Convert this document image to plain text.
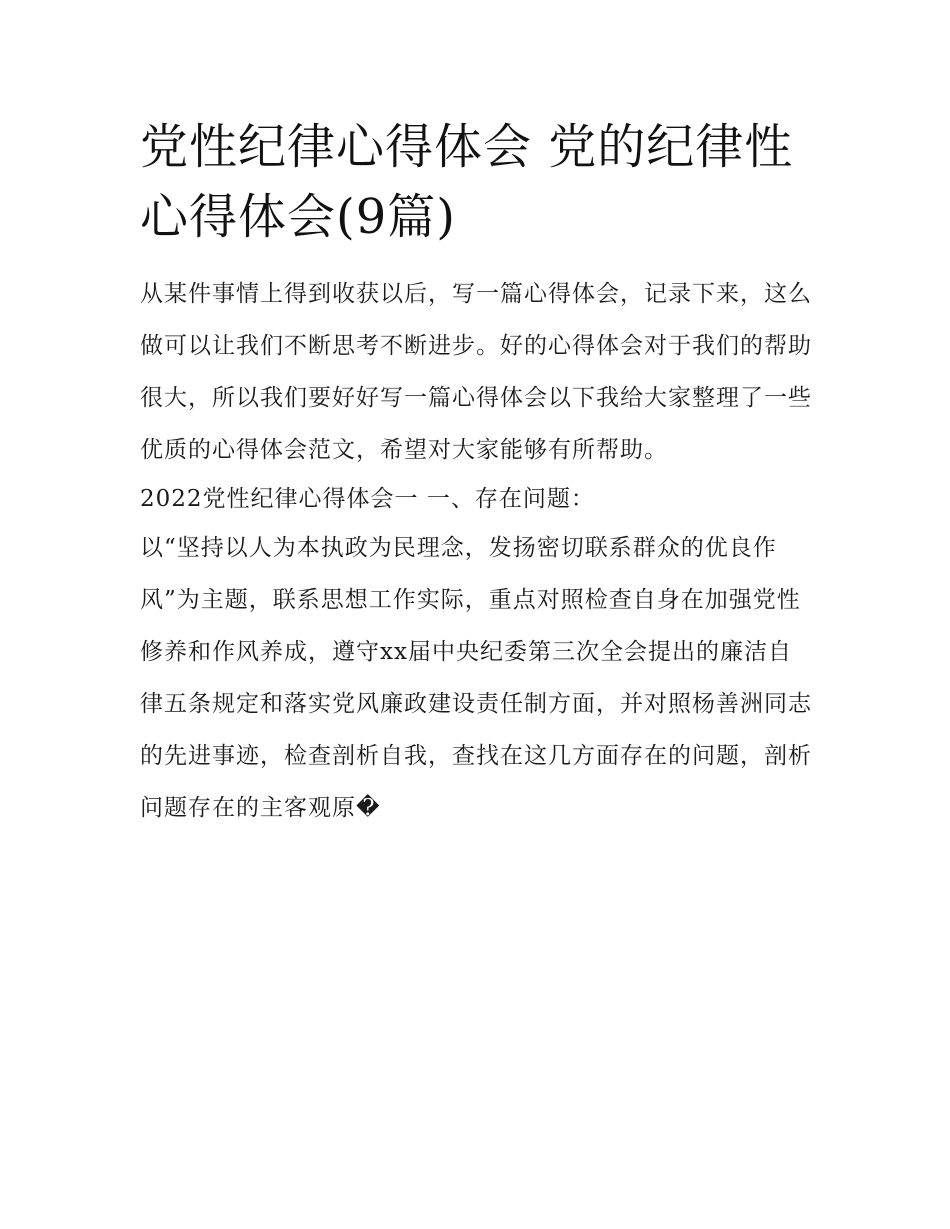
党性纪律心得体会 党的纪律性心得体会(9篇)

从某件事情上得到收获以后，写一篇心得体会，记录下来，这么做可以让我们不断思考不断进步。好的心得体会对于我们的帮助很大，所以我们要好好写一篇心得体会以下我给大家整理了一些优质的心得体会范文，希望对大家能够有所帮助。

2022党性纪律心得体会一 一、存在问题：

以“坚持以人为本执政为民理念，发扬密切联系群众的优良作风”为主题，联系思想工作实际，重点对照检查自身在加强党性修养和作风养成，遵守xx届中央纪委第三次全会提出的廉洁自律五条规定和落实党风廉政建设责任制方面，并对照杨善洲同志的先进事迹，检查剖析自我，查找在这几方面存在的问题，剖析问题存在的主客观原�
